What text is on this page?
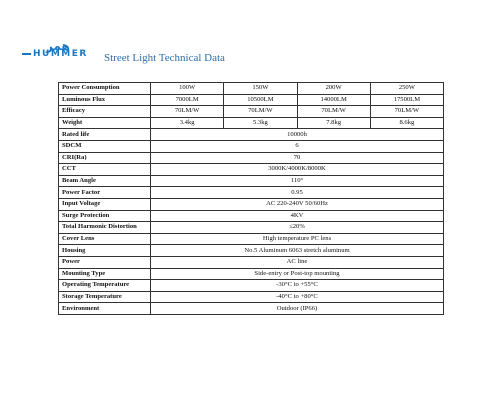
همر
HUMMER Street Light Technical Data
Power Consumption	100W	150W	200W	250W
Luminous Flux	7000LM	10500LM	14000LM	17500LM
Efficacy	70LM/W	70LM/W	70LM/W	70LM/W
Weight	3.4kg	5.3kg	7.8kg	8.6kg
Rated life	10000h			
SDCM	6			
CRI(Ra)	70			
CCT	3000K/4000K/8000K			
Beam Angle	110°			
Power Factor	0.95			
Input Voltage	AC 220-240V 50/60Hz			
Surge Protection	4KV			
Total Harmonic Distortion	≤20%			
Cover Lens	High temperature PC lens			
Housing	No.5 Aluminum 6063 stretch aluminum			
Power	AC line			
Mounting Type	Side-entry or Post-top mounting			
Operating Temperature	-30°C to +55°C			
Storage Temperature	-40°C to +80°C			
Environment	Outdoor (IP66)			
